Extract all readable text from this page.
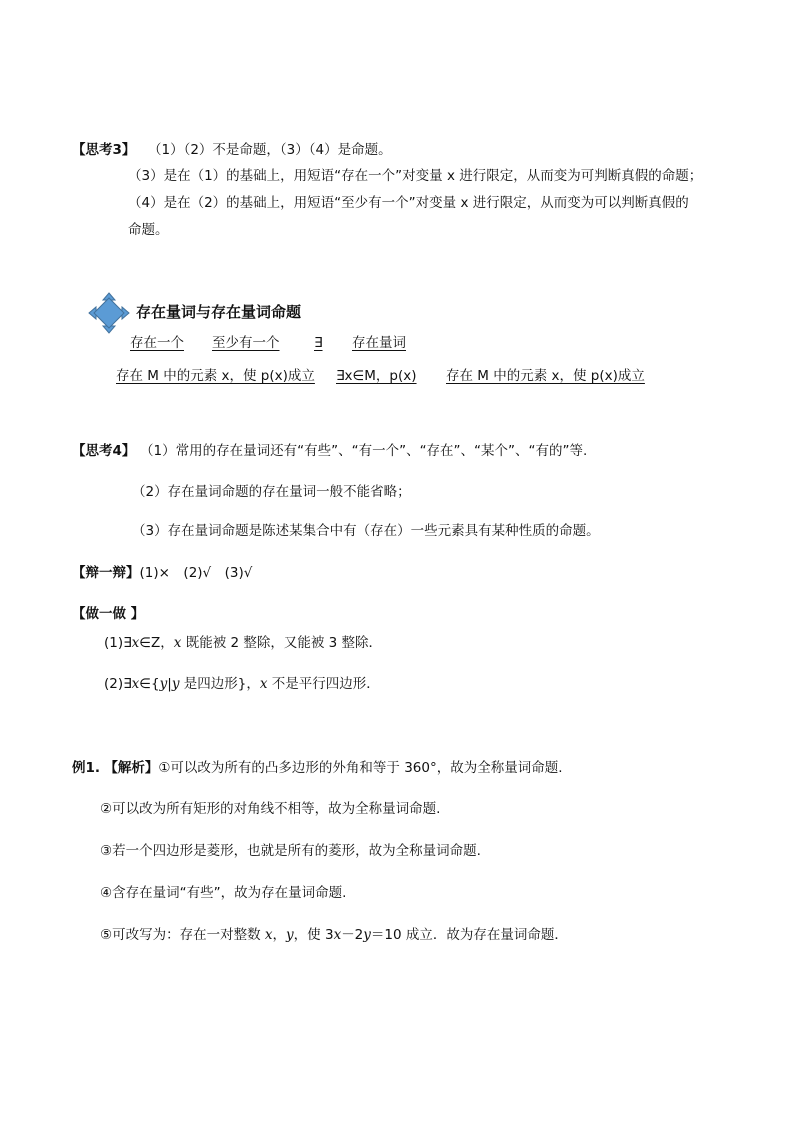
【思考3】 （1）（2）不是命题，（3）（4）是命题。
（3）是在（1）的基础上，用短语“存在一个”对变量 x 进行限定，从而变为可判断真假的命题；
（4）是在（2）的基础上，用短语“至少有一个”对变量 x 进行限定，从而变为可以判断真假的
命题。
存在量词与存在量词命题
存在一个 至少有一个	∃ 存在量词
存在 M 中的元素 x，使 p(x)成立 ∃x∈M，p(x) 存在 M 中的元素 x，使 p(x)成立
【思考4】 （1）常用的存在量词还有“有些”、“有一个”、“存在”、“某个”、“有的”等.
（2）存在量词命题的存在量词一般不能省略；
（3）存在量词命题是陈述某集合中有（存在）一些元素具有某种性质的命题。
【辩一辩】(1)×　(2)√　(3)√
【做一做 】
(1)∃x∈Z，x 既能被 2 整除，又能被 3 整除．
(2)∃x∈{y|y 是四边形}，x 不是平行四边形．
例1. 【解析】①可以改为所有的凸多边形的外角和等于 360°，故为全称量词命题.
②可以改为所有矩形的对角线不相等，故为全称量词命题.
③若一个四边形是菱形，也就是所有的菱形，故为全称量词命题.
④含存在量词“有些”，故为存在量词命题.
⑤可改写为：存在一对整数 x，y，使 3x－2y＝10 成立．故为存在量词命题．
